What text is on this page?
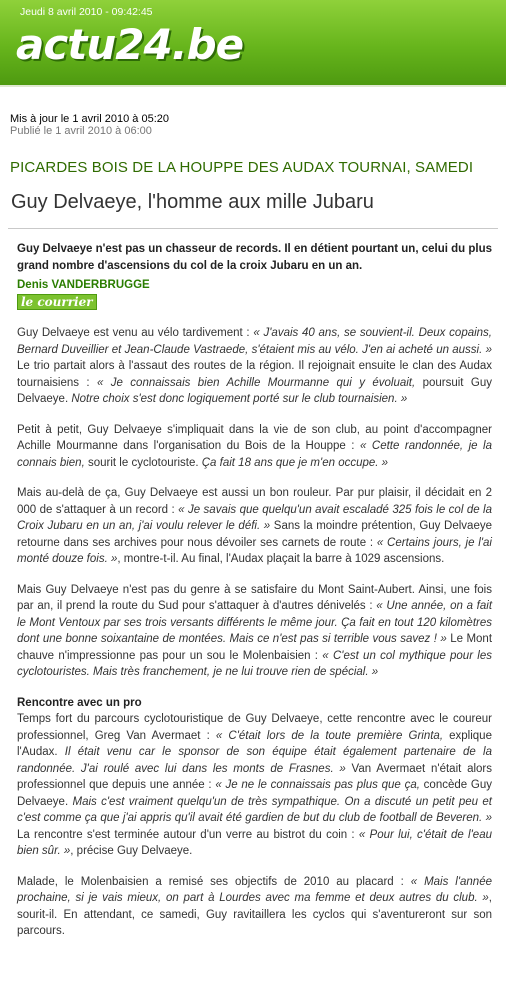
Jeudi 8 avril 2010 - 09:42:45
actu24.be
Mis à jour le 1 avril 2010 à 05:20
Publié le 1 avril 2010 à 06:00
PICARDES BOIS DE LA HOUPPE DES AUDAX TOURNAI, SAMEDI
Guy Delvaeye, l'homme aux mille Jubaru

Guy Delvaeye n'est pas un chasseur de records. Il en détient pourtant un, celui du plus grand nombre d'ascensions du col de la croix Jubaru en un an.

Denis VANDERBRUGGE
le courrier

Guy Delvaeye est venu au vélo tardivement : « J'avais 40 ans, se souvient-il. Deux copains, Bernard Duveillier et Jean-Claude Vastraede, s'étaient mis au vélo. J'en ai acheté un aussi. » Le trio partait alors à l'assaut des routes de la région. Il rejoignait ensuite le clan des Audax tournaisiens : « Je connaissais bien Achille Mourmanne qui y évoluait, poursuit Guy Delvaeye. Notre choix s'est donc logiquement porté sur le club tournaisien. »

Petit à petit, Guy Delvaeye s'impliquait dans la vie de son club, au point d'accompagner Achille Mourmanne dans l'organisation du Bois de la Houppe : « Cette randonnée, je la connais bien, sourit le cyclotouriste. Ça fait 18 ans que je m'en occupe. »

Mais au-delà de ça, Guy Delvaeye est aussi un bon rouleur. Par pur plaisir, il décidait en 2 000 de s'attaquer à un record : « Je savais que quelqu'un avait escaladé 325 fois le col de la Croix Jubaru en un an, j'ai voulu relever le défi. » Sans la moindre prétention, Guy Delvaeye retourne dans ses archives pour nous dévoiler ses carnets de route : « Certains jours, je l'ai monté douze fois. », montre-t-il. Au final, l'Audax plaçait la barre à 1029 ascensions.

Mais Guy Delvaeye n'est pas du genre à se satisfaire du Mont Saint-Aubert. Ainsi, une fois par an, il prend la route du Sud pour s'attaquer à d'autres dénivelés : « Une année, on a fait le Mont Ventoux par ses trois versants différents le même jour. Ça fait en tout 120 kilomètres dont une bonne soixantaine de montées. Mais ce n'est pas si terrible vous savez ! » Le Mont chauve n'impressionne pas pour un sou le Molenbaisien : « C'est un col mythique pour les cyclotouristes. Mais très franchement, je ne lui trouve rien de spécial. »

Rencontre avec un pro

Temps fort du parcours cyclotouristique de Guy Delvaeye, cette rencontre avec le coureur professionnel, Greg Van Avermaet : « C'était lors de la toute première Grinta, explique l'Audax. Il était venu car le sponsor de son équipe était également partenaire de la randonnée. J'ai roulé avec lui dans les monts de Frasnes. » Van Avermaet n'était alors professionnel que depuis une année : « Je ne le connaissais pas plus que ça, concède Guy Delvaeye. Mais c'est vraiment quelqu'un de très sympathique. On a discuté un petit peu et c'est comme ça que j'ai appris qu'il avait été gardien de but du club de football de Beveren. » La rencontre s'est terminée autour d'un verre au bistrot du coin : « Pour lui, c'était de l'eau bien sûr. », précise Guy Delvaeye.

Malade, le Molenbaisien a remisé ses objectifs de 2010 au placard : « Mais l'année prochaine, si je vais mieux, on part à Lourdes avec ma femme et deux autres du club. », sourit-il. En attendant, ce samedi, Guy ravitaillera les cyclos qui s'aventureront sur son parcours.
